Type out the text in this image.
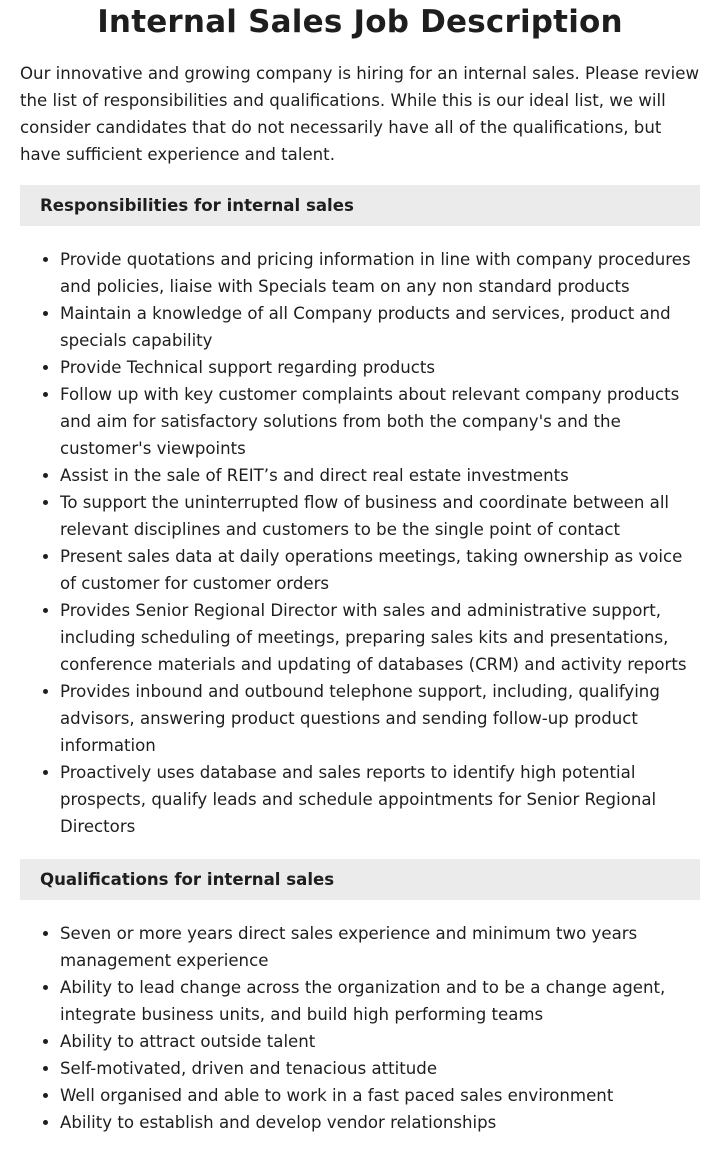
Internal Sales Job Description

Our innovative and growing company is hiring for an internal sales. Please review the list of responsibilities and qualifications. While this is our ideal list, we will consider candidates that do not necessarily have all of the qualifications, but have sufficient experience and talent.

Responsibilities for internal sales
• Provide quotations and pricing information in line with company procedures and policies, liaise with Specials team on any non standard products
• Maintain a knowledge of all Company products and services, product and specials capability
• Provide Technical support regarding products
• Follow up with key customer complaints about relevant company products and aim for satisfactory solutions from both the company's and the customer's viewpoints
• Assist in the sale of REIT’s and direct real estate investments
• To support the uninterrupted flow of business and coordinate between all relevant disciplines and customers to be the single point of contact
• Present sales data at daily operations meetings, taking ownership as voice of customer for customer orders
• Provides Senior Regional Director with sales and administrative support, including scheduling of meetings, preparing sales kits and presentations, conference materials and updating of databases (CRM) and activity reports
• Provides inbound and outbound telephone support, including, qualifying advisors, answering product questions and sending follow-up product information
• Proactively uses database and sales reports to identify high potential prospects, qualify leads and schedule appointments for Senior Regional Directors
Qualifications for internal sales
• Seven or more years direct sales experience and minimum two years management experience
• Ability to lead change across the organization and to be a change agent, integrate business units, and build high performing teams
• Ability to attract outside talent
• Self-motivated, driven and tenacious attitude
• Well organised and able to work in a fast paced sales environment
• Ability to establish and develop vendor relationships
